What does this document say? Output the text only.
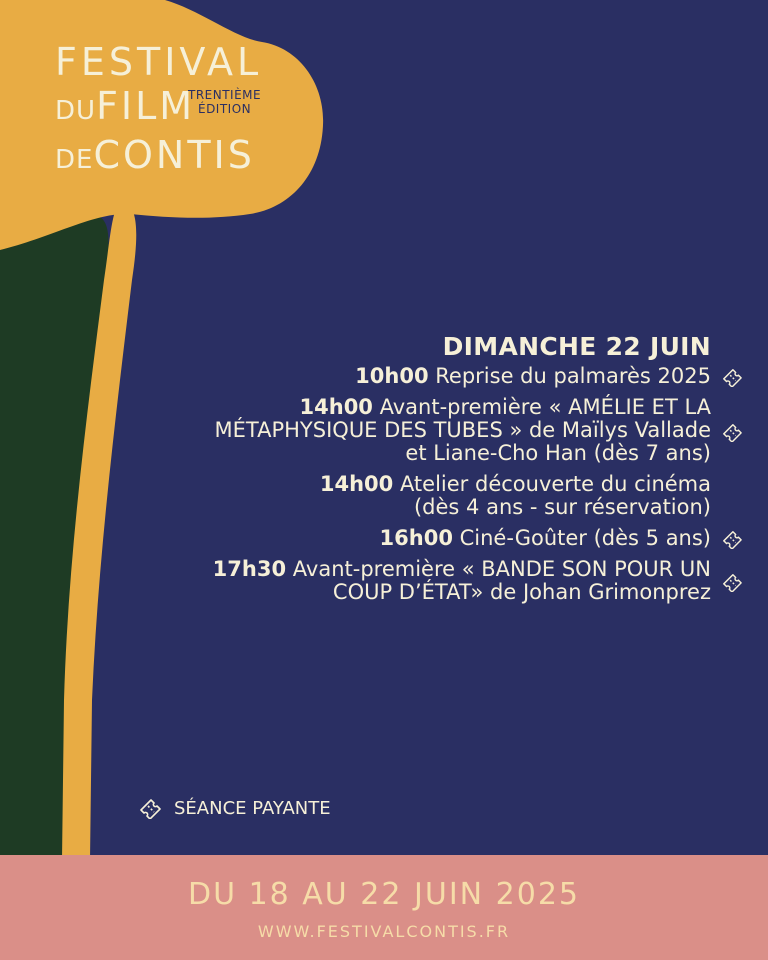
FESTIVAL
DUFILM
DECONTIS
TRENTIÈME
ÉDITION
DIMANCHE 22 JUIN
10h00 Reprise du palmarès 2025
14h00 Avant-première « AMÉLIE ET LA
MÉTAPHYSIQUE DES TUBES » de Maïlys Vallade
et Liane-Cho Han (dès 7 ans)
14h00 Atelier découverte du cinéma
(dès 4 ans - sur réservation)
16h00 Ciné-Goûter (dès 5 ans)
17h30 Avant-première « BANDE SON POUR UN
COUP D’ÉTAT» de Johan Grimonprez
SÉANCE PAYANTE
DU 18 AU 22 JUIN 2025
WWW.FESTIVALCONTIS.FR
